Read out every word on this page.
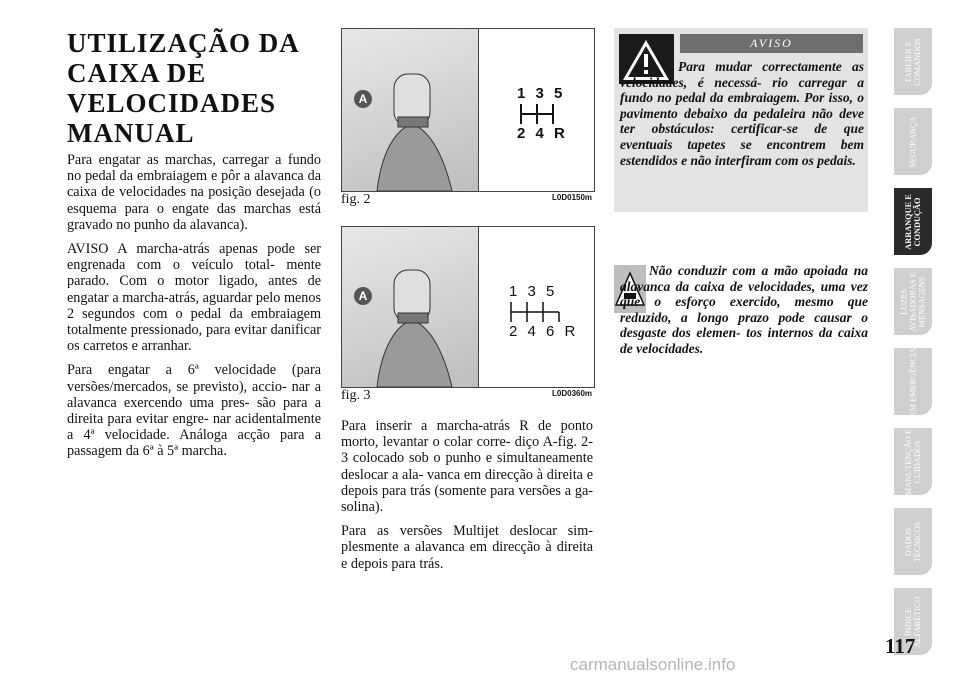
UTILIZAÇÃO DA
CAIXA DE
VELOCIDADES
MANUAL

Para engatar as marchas, carregar a fundo no pedal da embraiagem e pôr a alavanca da caixa de velocidades na posição desejada (o esquema para o engate das marchas está gravado no punho da alavanca).

AVISO A marcha-atrás apenas pode ser engrenada com o veículo total- mente parado. Com o motor ligado, antes de engatar a marcha-atrás, aguardar pelo menos 2 segundos com o pedal da embraiagem totalmente pressionado, para evitar danificar os carretos e arranhar.

Para engatar a 6ª velocidade (para versões/mercados, se previsto), accio- nar a alavanca exercendo uma pres- são para a direita para evitar engre- nar acidentalmente a 4ª velocidade. Análoga acção para a passagem da 6ª à 5ª marcha.

1 3 5
2 4 R
A
fig. 2	L0D0150m
1 3 5
2 4 6 R
A
fig. 3	L0D0360m

Para inserir a marcha-atrás R de ponto morto, levantar o colar corre- diço A-fig. 2-3 colocado sob o punho e simultaneamente deslocar a ala- vanca em direcção à direita e depois para trás (somente para versões a ga- solina).

Para as versões Multijet deslocar sim- plesmente a alavanca em direcção à direita e depois para trás.

AVISO
Para mudar correctamente as velocidades, é necessá- rio carregar a fundo no pedal da embraiagem. Por isso, o pavimento debaixo da pedaleira não deve ter obstáculos: certificar-se de que eventuais tapetes se encontrem bem estendidos e não interfiram com os pedais.
Não conduzir com a mão apoiada na alavanca da caixa de velocidades, uma vez que o esforço exercido, mesmo que reduzido, a longo prazo pode causar o desgaste dos elemen- tos internos da caixa de velocidades.
TABLIER E COMANDOS
SEGURANÇA
ARRANQUE E CONDUÇÃO
LUZES AVISADORAS E MENSAGENS
EM EMERGÊNCIA
MANUTENÇÃO E CUIDADOS
DADOS TÉCNICOS
ÍNDICE ALFABÉTICO
117
carmanualsonline.info
